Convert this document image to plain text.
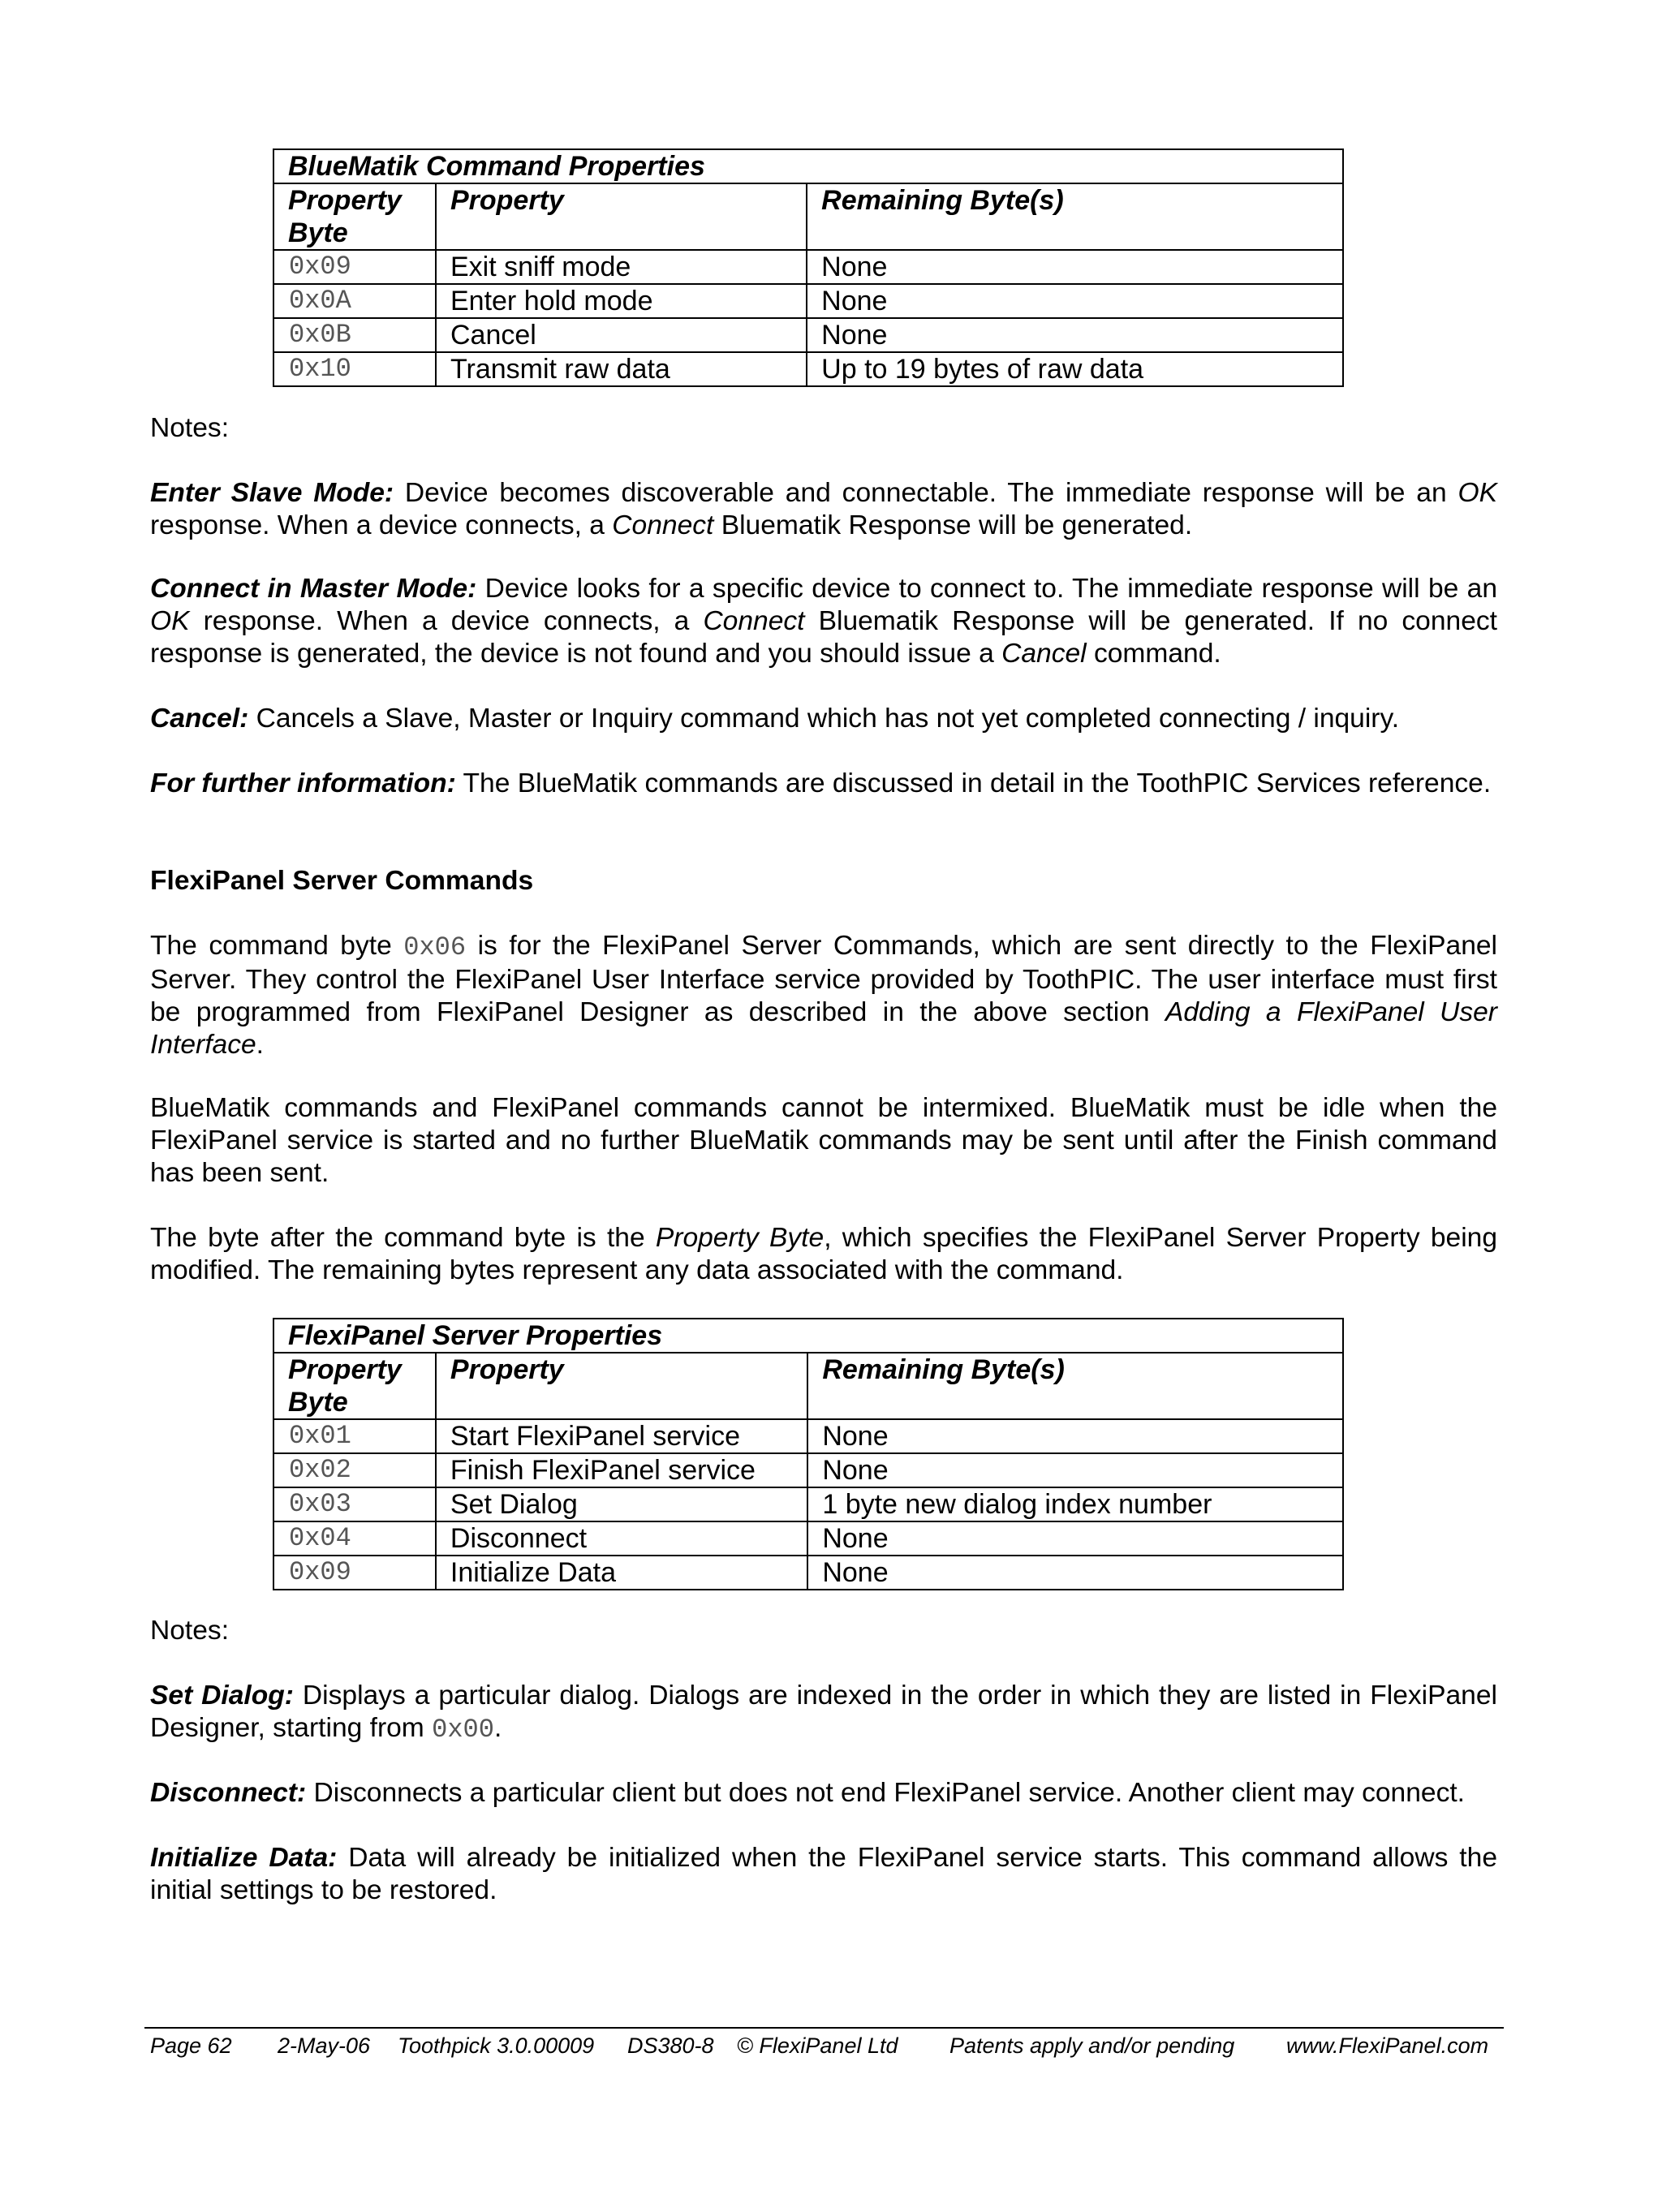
BlueMatik Command Properties		
Property Byte	Property	Remaining Byte(s)
0x09	Exit sniff mode	None
0x0A	Enter hold mode	None
0x0B	Cancel	None
0x10	Transmit raw data	Up to 19 bytes of raw data

Notes:

Enter Slave Mode: Device becomes discoverable and connectable. The immediate response will be an OK response. When a device connects, a Connect Bluematik Response will be generated.

Connect in Master Mode: Device looks for a specific device to connect to. The immediate response will be an OK response. When a device connects, a Connect Bluematik Response will be generated. If no connect response is generated, the device is not found and you should issue a Cancel command.

Cancel: Cancels a Slave, Master or Inquiry command which has not yet completed connecting / inquiry.

For further information: The BlueMatik commands are discussed in detail in the ToothPIC Services reference.

FlexiPanel Server Commands

The command byte 0x06 is for the FlexiPanel Server Commands, which are sent directly to the FlexiPanel Server. They control the FlexiPanel User Interface service provided by ToothPIC. The user interface must first be programmed from FlexiPanel Designer as described in the above section Adding a FlexiPanel User Interface.

BlueMatik commands and FlexiPanel commands cannot be intermixed. BlueMatik must be idle when the FlexiPanel service is started and no further BlueMatik commands may be sent until after the Finish command has been sent.

The byte after the command byte is the Property Byte, which specifies the FlexiPanel Server Property being modified. The remaining bytes represent any data associated with the command.

FlexiPanel Server Properties		
Property Byte	Property	Remaining Byte(s)
0x01	Start FlexiPanel service	None
0x02	Finish FlexiPanel service	None
0x03	Set Dialog	1 byte new dialog index number
0x04	Disconnect	None
0x09	Initialize Data	None

Notes:

Set Dialog: Displays a particular dialog. Dialogs are indexed in the order in which they are listed in FlexiPanel Designer, starting from 0x00.

Disconnect: Disconnects a particular client but does not end FlexiPanel service. Another client may connect.

Initialize Data: Data will already be initialized when the FlexiPanel service starts. This command allows the initial settings to be restored.

Page 62 2-May-06 Toothpick 3.0.00009 DS380-8 © FlexiPanel Ltd Patents apply and/or pending www.FlexiPanel.com
